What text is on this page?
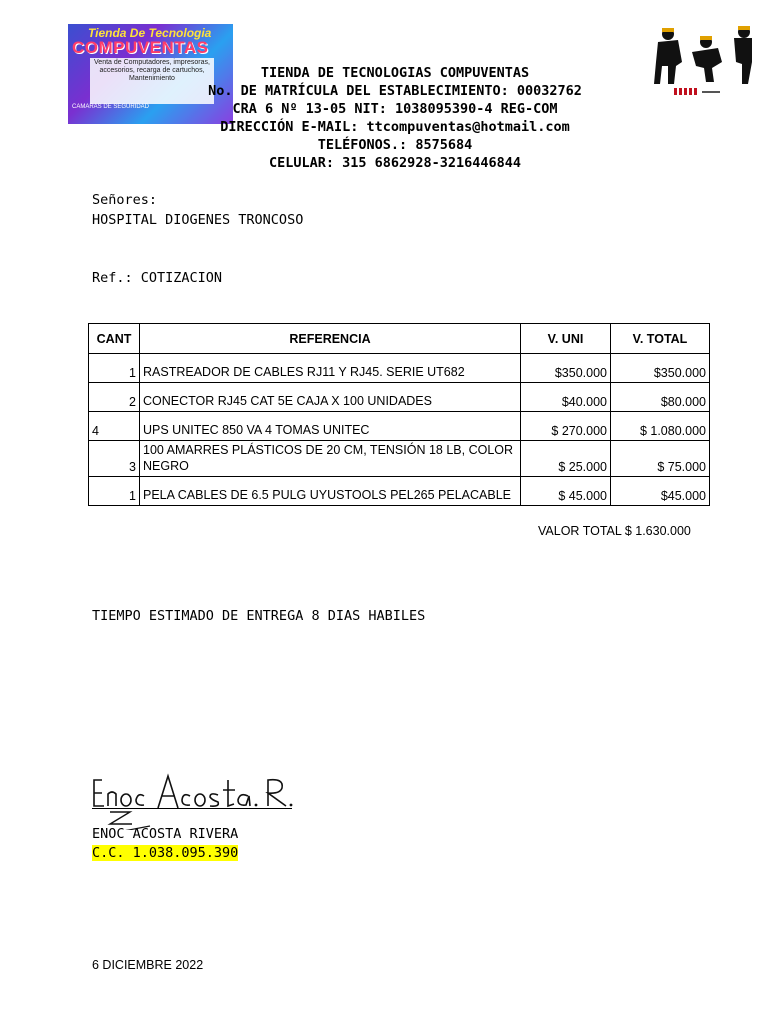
Tienda De Tecnologia
COMPUVENTAS
Venta de Computadores, impresoras, accesorios, recarga de cartuchos, Mantenimiento
CAMARAS DE SEGURIDAD
TIENDA DE TECNOLOGIAS COMPUVENTAS
No. DE MATRÍCULA DEL ESTABLECIMIENTO: 00032762
CRA 6 Nº 13-05 NIT: 1038095390-4 REG-COM
DIRECCIÓN E-MAIL: ttcompuventas@hotmail.com
TELÉFONOS.: 8575684
CELULAR: 315 6862928-3216446844
Señores:
HOSPITAL DIOGENES TRONCOSO
Ref.: COTIZACION
CANT	REFERENCIA	V. UNI	V. TOTAL
1	RASTREADOR DE CABLES RJ11 Y RJ45. SERIE UT682	$350.000	$350.000
2	CONECTOR RJ45 CAT 5E CAJA X 100 UNIDADES	$40.000	$80.000
4	UPS UNITEC 850 VA 4 TOMAS UNITEC	$ 270.000	$ 1.080.000
3	100 AMARRES PLÁSTICOS DE 20 CM, TENSIÓN 18 LB, COLOR NEGRO	$ 25.000	$ 75.000
1	PELA CABLES DE 6.5 PULG UYUSTOOLS PEL265 PELACABLE	$ 45.000	$45.000
VALOR TOTAL $ 1.630.000
TIEMPO ESTIMADO DE ENTREGA 8 DIAS HABILES
ENOC ACOSTA RIVERA
C.C. 1.038.095.390
6 DICIEMBRE 2022
